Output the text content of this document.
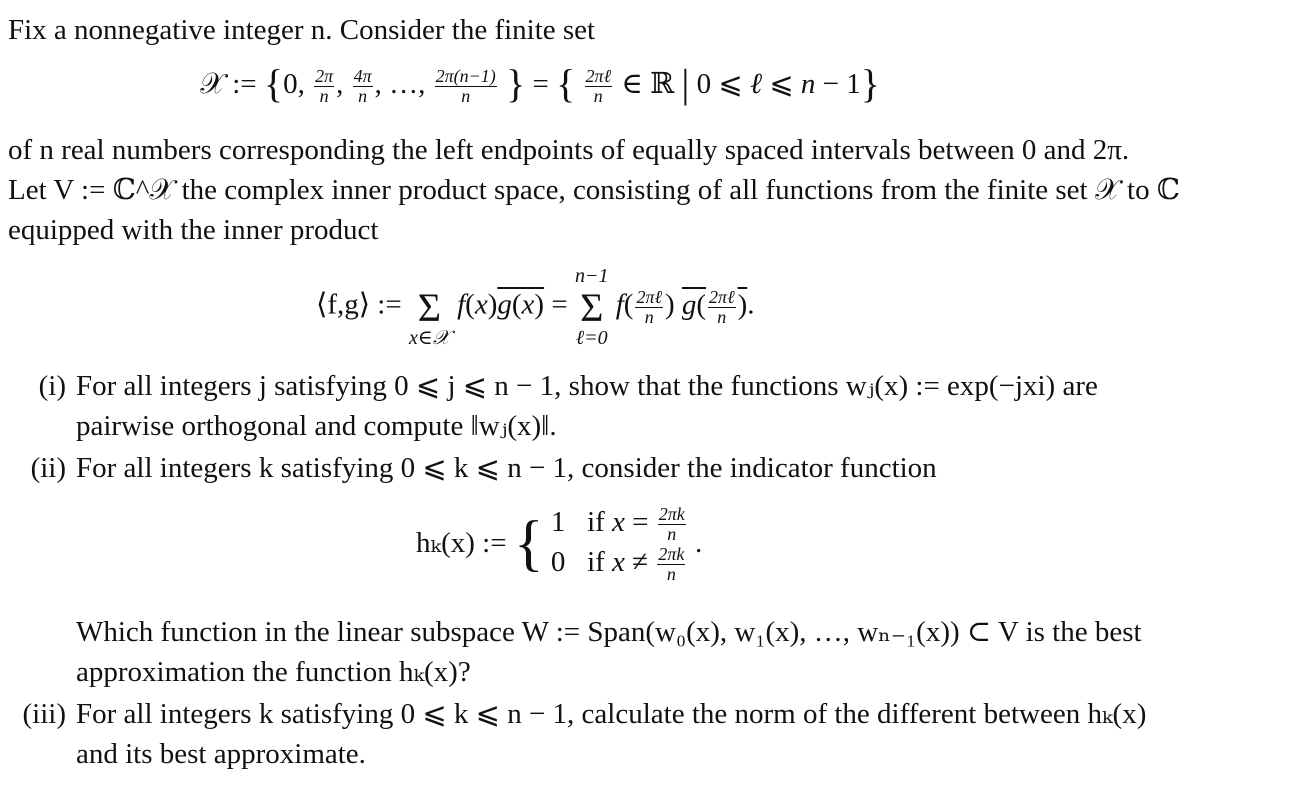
Fix a nonnegative integer n. Consider the finite set
𝒳 := {0, $\frac{2\pi}{n}$ , $\frac{4\pi}{n}$ , …, $\frac{2\pi(n-1)}{n}$ } = { $\frac{\text{2πℓ}}{n}$ ∈ ℝ | 0 ⩽ ℓ ⩽ n − 1}
of n real numbers corresponding the left endpoints of equally spaced intervals between 0 and 2π.
Let V := ℂ^𝒳 the complex inner product space, consisting of all functions from the finite set 𝒳 to ℂ
equipped with the inner product
⟨f,g⟩ :=
Σ
x∈𝒳
f(x)g(x) =
n−1
Σ
ℓ=0
$f( \frac{\text{2πℓ}}{n}$ ) $g( \frac{\text{2πℓ}}{n}$ ).
(i) For all integers j satisfying 0 ⩽ j ⩽ n − 1, show that the functions wⱼ(x) := exp(−jxi) are
pairwise orthogonal and compute ‖wⱼ(x)‖.
(ii) For all integers k satisfying 0 ⩽ k ⩽ n − 1, consider the indicator function
hₖ(x) := { 1   if $x = \frac{2\pi k}{n}$
0   if $x \ne \frac{2\pi k}{n}$
.
Which function in the linear subspace W := Span(w₀(x), w₁(x), …, wₙ₋₁(x)) ⊂ V is the best
approximation the function hₖ(x)?
(iii) For all integers k satisfying 0 ⩽ k ⩽ n − 1, calculate the norm of the different between hₖ(x)
and its best approximate.
